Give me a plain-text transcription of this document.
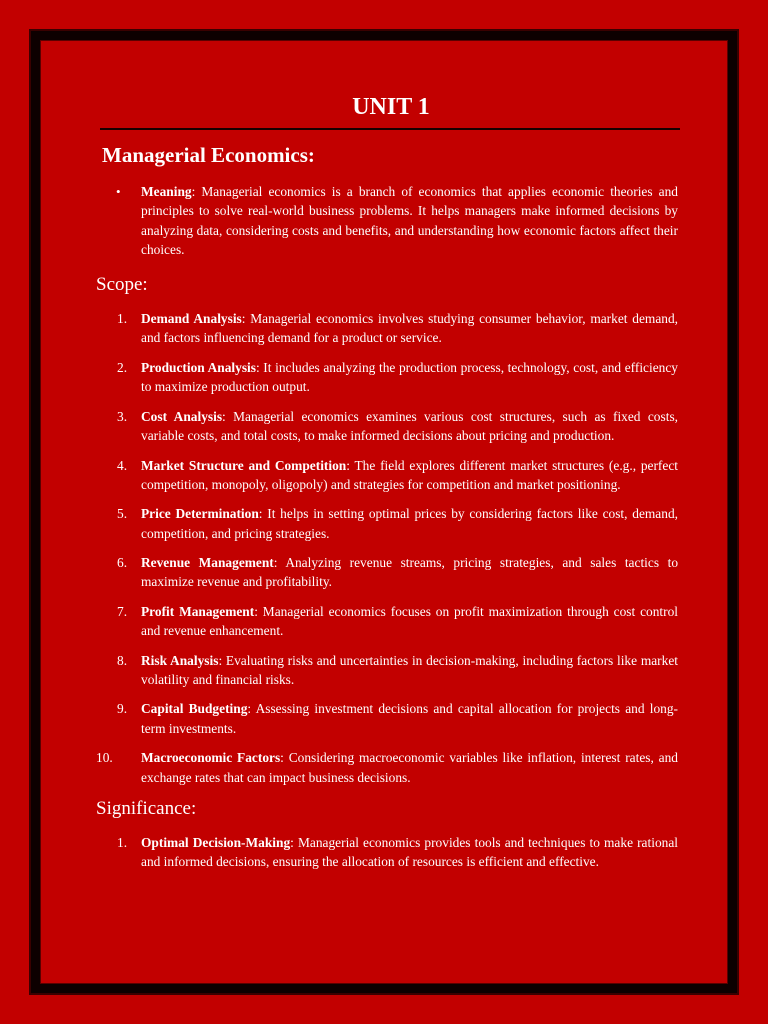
UNIT 1
Managerial Economics:
• Meaning: Managerial economics is a branch of economics that applies economic theories and principles to solve real-world business problems. It helps managers make informed decisions by analyzing data, considering costs and benefits, and understanding how economic factors affect their choices.
Scope:
1. Demand Analysis: Managerial economics involves studying consumer behavior, market demand, and factors influencing demand for a product or service.
2. Production Analysis: It includes analyzing the production process, technology, cost, and efficiency to maximize production output.
3. Cost Analysis: Managerial economics examines various cost structures, such as fixed costs, variable costs, and total costs, to make informed decisions about pricing and production.
4. Market Structure and Competition: The field explores different market structures (e.g., perfect competition, monopoly, oligopoly) and strategies for competition and market positioning.
5. Price Determination: It helps in setting optimal prices by considering factors like cost, demand, competition, and pricing strategies.
6. Revenue Management: Analyzing revenue streams, pricing strategies, and sales tactics to maximize revenue and profitability.
7. Profit Management: Managerial economics focuses on profit maximization through cost control and revenue enhancement.
8. Risk Analysis: Evaluating risks and uncertainties in decision-making, including factors like market volatility and financial risks.
9. Capital Budgeting: Assessing investment decisions and capital allocation for projects and long-term investments.
10. Macroeconomic Factors: Considering macroeconomic variables like inflation, interest rates, and exchange rates that can impact business decisions.
Significance:
1. Optimal Decision-Making: Managerial economics provides tools and techniques to make rational and informed decisions, ensuring the allocation of resources is efficient and effective.
